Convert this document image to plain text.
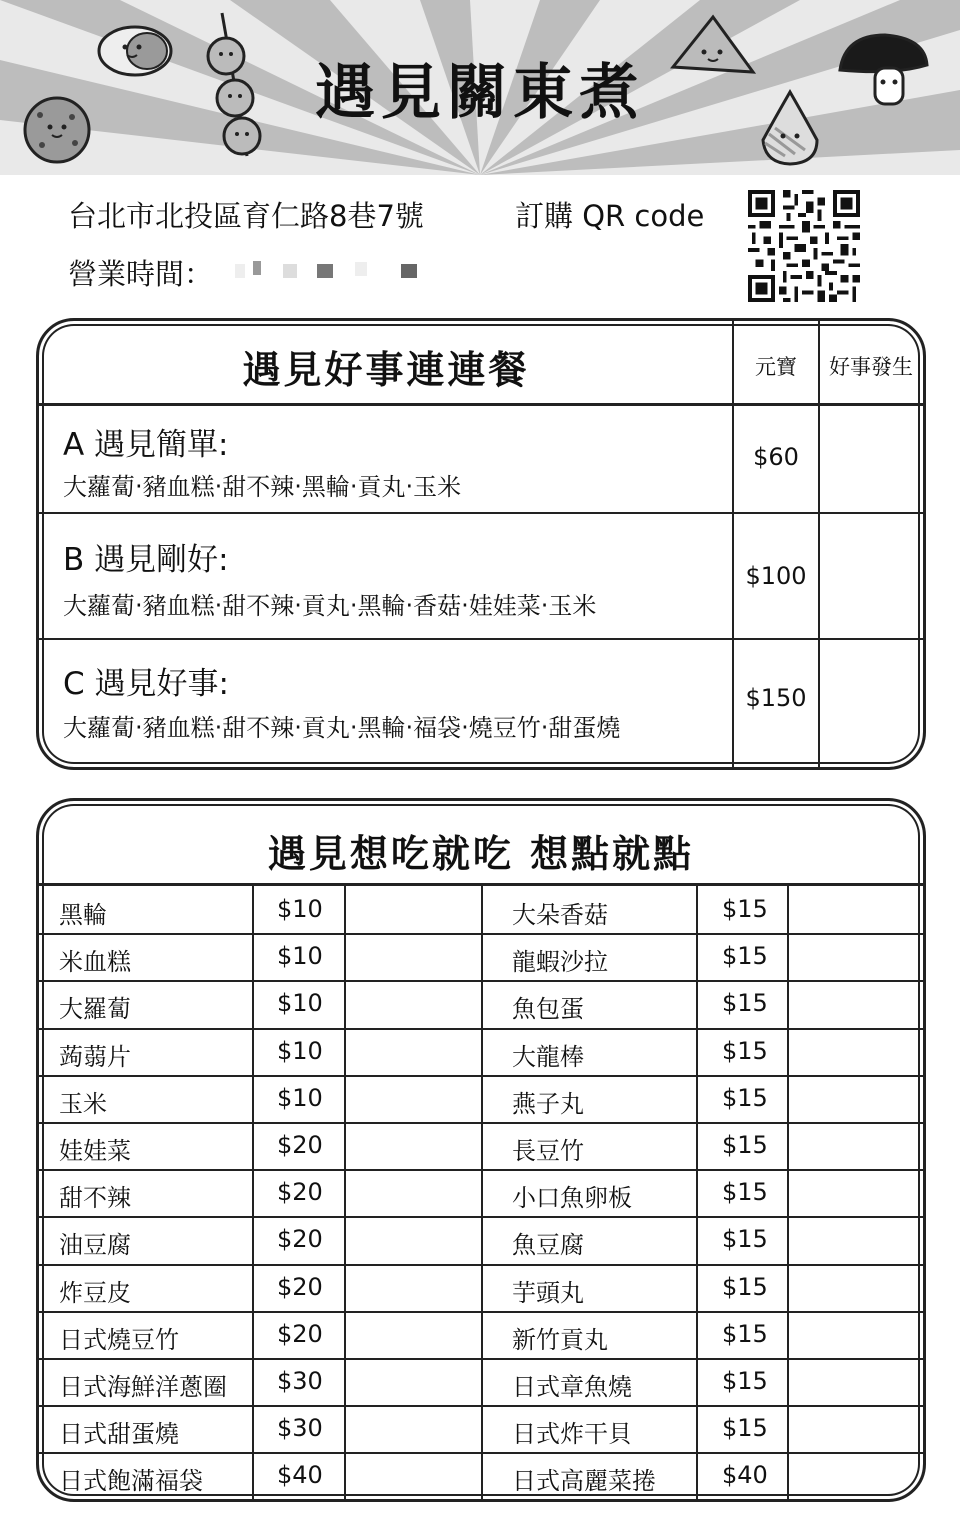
遇見關東煮
台北市北投區育仁路8巷7號	訂購 QR code
營業時間：
遇見好事連連餐	元寶	好事發生
A 遇見簡單:
大蘿蔔‧豬血糕‧甜不辣‧黑輪‧貢丸‧玉米
$60
B 遇見剛好:
大蘿蔔‧豬血糕‧甜不辣‧貢丸‧黑輪‧香菇‧娃娃菜‧玉米
$100
C 遇見好事:
大蘿蔔‧豬血糕‧甜不辣‧貢丸‧黑輪‧福袋‧燒豆竹‧甜蛋燒
$150
遇見想吃就吃 想點就點
黑輪	$10	大朵香菇	$15
米血糕	$10	龍蝦沙拉	$15
大羅蔔	$10	魚包蛋	$15
蒟蒻片	$10	大龍棒	$15
玉米	$10	燕子丸	$15
娃娃菜	$20	長豆竹	$15
甜不辣	$20	小口魚卵板	$15
油豆腐	$20	魚豆腐	$15
炸豆皮	$20	芋頭丸	$15
日式燒豆竹	$20	新竹貢丸	$15
日式海鮮洋蔥圈 $30	日式章魚燒	$15
日式甜蛋燒	$30	日式炸干貝	$15
日式飽滿福袋	$40	日式高麗菜捲	$40
